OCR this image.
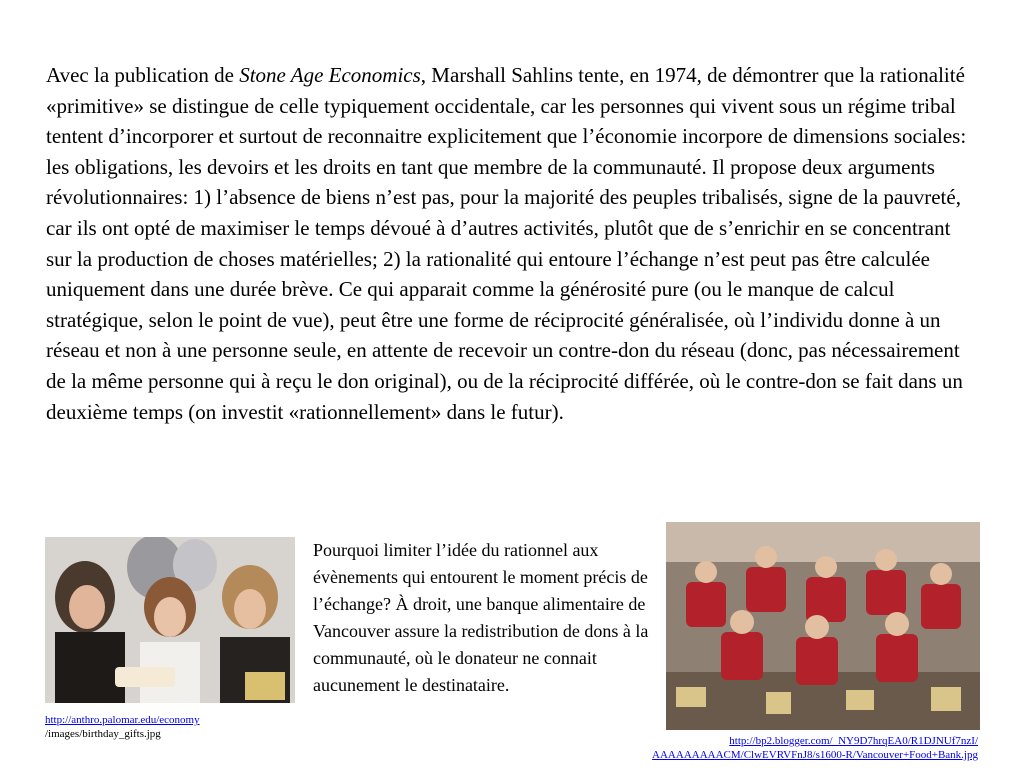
Avec la publication de Stone Age Economics, Marshall Sahlins tente, en 1974, de démontrer que la rationalité «primitive» se distingue de celle typiquement occidentale, car les personnes qui vivent sous un régime tribal tentent d’incorporer et surtout de reconnaitre explicitement que l’économie incorpore de dimensions sociales: les obligations, les devoirs et les droits en tant que membre de la communauté. Il propose deux arguments révolutionnaires: 1) l’absence de biens n’est pas, pour la majorité des peuples tribalisés, signe de la pauvreté, car ils ont opté de maximiser le temps dévoué à d’autres activités, plutôt que de s’enrichir en se concentrant sur la production de choses matérielles; 2) la rationalité qui entoure l’échange n’est peut pas être calculée uniquement dans une durée brève. Ce qui apparait comme la générosité pure (ou le manque de calcul stratégique, selon le point de vue), peut être une forme de réciprocité généralisée, où l’individu donne à un réseau et non à une personne seule, en attente de recevoir un contre-don du réseau (donc, pas nécessairement de la même personne qui à reçu le don original), ou de la réciprocité différée, où le contre-don se fait dans un deuxième temps (on investit «rationnellement» dans le futur).

Pourquoi limiter l’idée du rationnel aux évènements qui entourent le moment précis de l’échange? À droit, une banque alimentaire de Vancouver assure la redistribution de dons à la communauté, où le donateur ne connait aucunement le destinataire.

http://anthro.palomar.edu/economy
/images/birthday_gifts.jpg
http://bp2.blogger.com/_NY9D7hrqEA0/R1DJNUf7nzI/
AAAAAAAAACM/ClwEVRVFnJ8/s1600-R/Vancouver+Food+Bank.jpg
